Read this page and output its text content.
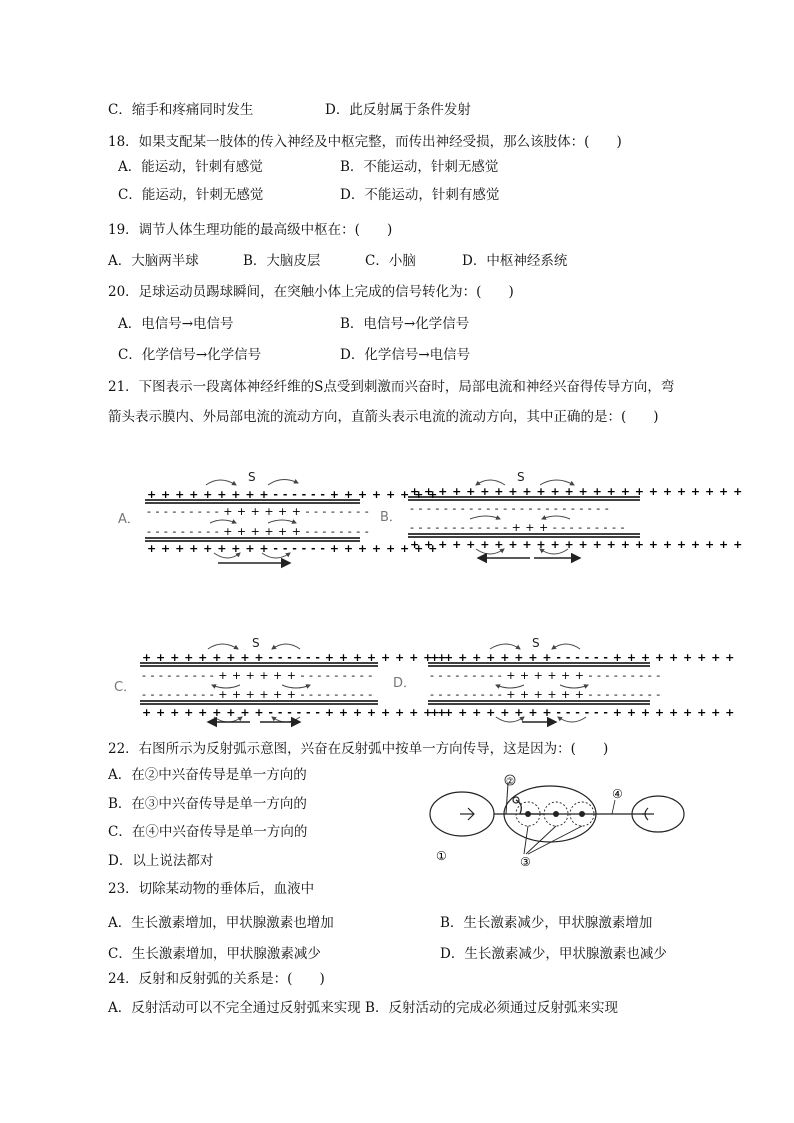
C．缩手和疼痛同时发生	D．此反射属于条件发射
18．如果支配某一肢体的传入神经及中枢完整，而传出神经受损，那么该肢体：(　　)
A．能运动，针刺有感觉	B．不能运动，针刺无感觉
C．能运动，针刺无感觉	D．不能运动，针刺有感觉
19．调节人体生理功能的最高级中枢在：(　　)
A．大脑两半球	B．大脑皮层	C．小脑	D．中枢神经系统
20．足球运动员踢球瞬间，在突触小体上完成的信号转化为：(　　)
A．电信号→电信号	B．电信号→化学信号
C．化学信号→化学信号	D．化学信号→电信号
21．下图表示一段离体神经纤维的S点受到刺激而兴奋时，局部电流和神经兴奋得传导方向，弯
箭头表示膜内、外局部电流的流动方向，直箭头表示电流的流动方向，其中正确的是：(　　)
A．
S
+ + + + + + + + + - - - - - - + + + + + + + +
- - - - - - - - - + + + + + + - - - - - - - -
- - - - - - - - - + + + + + + - - - - - - - -
+ + + + + + + + + - - - - - - + + + + + + + +
B．
S
+ + + + + + + + + + + + + + + + + + + + + + + +
- - - - - - - - - - - - - - - - - - - - - - - -
- - - - - - - - - - - - + + + - - - - - - - - -
+ + + + + + + + + + + + + + + + + + + + + + + +
C．
S
+ + + + + + + + + - - - - - - + + + + + + + + +
- - - - - - - - - + + + + + + - - - - - - - - -
- - - - - - - - - + + + + + + - - - - - - - - -
+ + + + + + + + + - - - - - - + + + + + + + + +
D．
S
+ + + + + + + + + - - - - - - + + + + + + + + +
- - - - - - - - - + + + + + + - - - - - - - - -
- - - - - - - - - + + + + + + - - - - - - - - -
+ + + + + + + + + - - - - - - + + + + + + + + +
22．右图所示为反射弧示意图，兴奋在反射弧中按单一方向传导，这是因为：(　　)
A．在②中兴奋传导是单一方向的
B．在③中兴奋传导是单一方向的
C．在④中兴奋传导是单一方向的
D．以上说法都对
②
③
④
①
23．切除某动物的垂体后，血液中
A．生长激素增加，甲状腺激素也增加	B．生长激素减少，甲状腺激素增加
C．生长激素增加，甲状腺激素减少	D．生长激素减少，甲状腺激素也减少
24．反射和反射弧的关系是：(　　)
A．反射活动可以不完全通过反射弧来实现 B．反射活动的完成必须通过反射弧来实现
